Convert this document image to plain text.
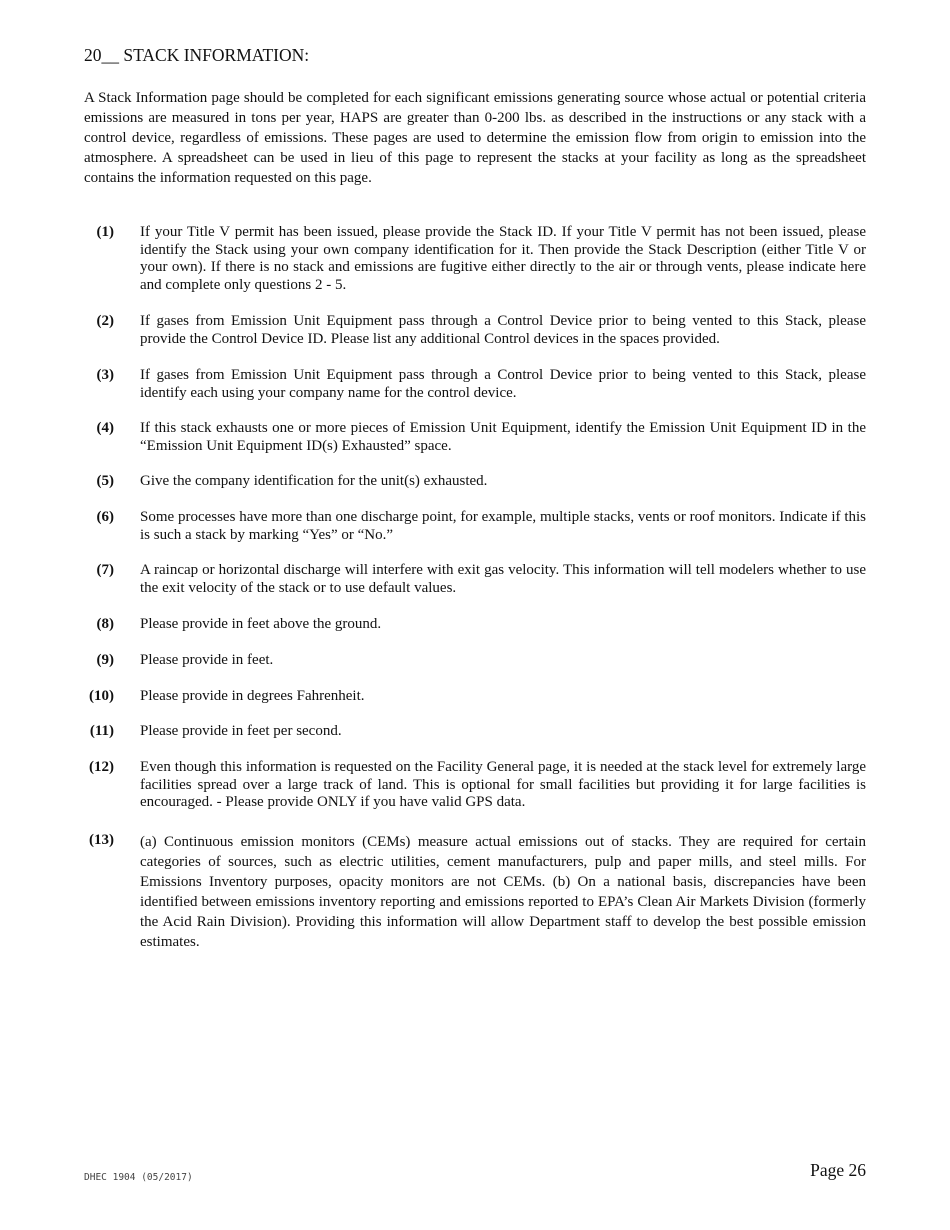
20__ STACK INFORMATION:

A Stack Information page should be completed for each significant emissions generating source whose actual or potential criteria emissions are measured in tons per year, HAPS are greater than 0-200 lbs. as described in the instructions or any stack with a control device, regardless of emissions. These pages are used to determine the emission flow from origin to emission into the atmosphere. A spreadsheet can be used in lieu of this page to represent the stacks at your facility as long as the spreadsheet contains the information requested on this page.

(1) If your Title V permit has been issued, please provide the Stack ID. If your Title V permit has not been issued, please identify the Stack using your own company identification for it. Then provide the Stack Description (either Title V or your own). If there is no stack and emissions are fugitive either directly to the air or through vents, please indicate here and complete only questions 2 - 5.
(2) If gases from Emission Unit Equipment pass through a Control Device prior to being vented to this Stack, please provide the Control Device ID. Please list any additional Control devices in the spaces provided.
(3) If gases from Emission Unit Equipment pass through a Control Device prior to being vented to this Stack, please identify each using your company name for the control device.
(4) If this stack exhausts one or more pieces of Emission Unit Equipment, identify the Emission Unit Equipment ID in the “Emission Unit Equipment ID(s) Exhausted” space.
(5) Give the company identification for the unit(s) exhausted.
(6) Some processes have more than one discharge point, for example, multiple stacks, vents or roof monitors. Indicate if this is such a stack by marking “Yes” or “No.”
(7) A raincap or horizontal discharge will interfere with exit gas velocity. This information will tell modelers whether to use the exit velocity of the stack or to use default values.
(8) Please provide in feet above the ground.
(9) Please provide in feet.
(10) Please provide in degrees Fahrenheit.
(11) Please provide in feet per second.
(12) Even though this information is requested on the Facility General page, it is needed at the stack level for extremely large facilities spread over a large track of land. This is optional for small facilities but providing it for large facilities is encouraged. - Please provide ONLY if you have valid GPS data.
(13) (a) Continuous emission monitors (CEMs) measure actual emissions out of stacks. They are required for certain categories of sources, such as electric utilities, cement manufacturers, pulp and paper mills, and steel mills. For Emissions Inventory purposes, opacity monitors are not CEMs. (b) On a national basis, discrepancies have been identified between emissions inventory reporting and emissions reported to EPA’s Clean Air Markets Division (formerly the Acid Rain Division). Providing this information will allow Department staff to develop the best possible emission estimates.
DHEC 1904 (05/2017)	Page 26
